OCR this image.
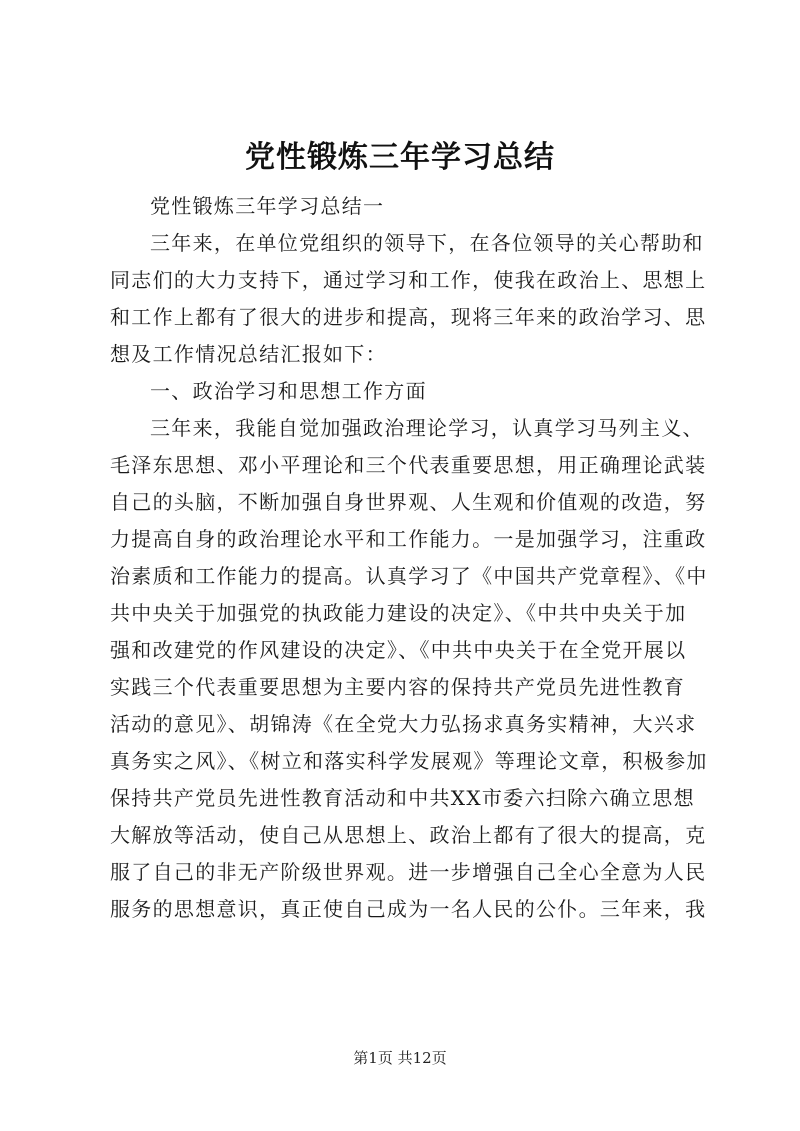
党性锻炼三年学习总结
党性锻炼三年学习总结一
三年来，在单位党组织的领导下，在各位领导的关心帮助和
同志们的大力支持下，通过学习和工作，使我在政治上、思想上
和工作上都有了很大的进步和提高，现将三年来的政治学习、思
想及工作情况总结汇报如下：
一、政治学习和思想工作方面
三年来，我能自觉加强政治理论学习，认真学习马列主义、
毛泽东思想、邓小平理论和三个代表重要思想，用正确理论武装
自己的头脑，不断加强自身世界观、人生观和价值观的改造，努
力提高自身的政治理论水平和工作能力。一是加强学习，注重政
治素质和工作能力的提高。认真学习了《中国共产党章程》、《中
共中央关于加强党的执政能力建设的决定》、《中共中央关于加
强和改建党的作风建设的决定》、《中共中央关于在全党开展以
实践三个代表重要思想为主要内容的保持共产党员先进性教育
活动的意见》、胡锦涛《在全党大力弘扬求真务实精神，大兴求
真务实之风》、《树立和落实科学发展观》等理论文章，积极参加
保持共产党员先进性教育活动和中共XX市委六扫除六确立思想
大解放等活动，使自己从思想上、政治上都有了很大的提高，克
服了自己的非无产阶级世界观。进一步增强自己全心全意为人民
服务的思想意识，真正使自己成为一名人民的公仆。三年来，我
第1页 共12页
